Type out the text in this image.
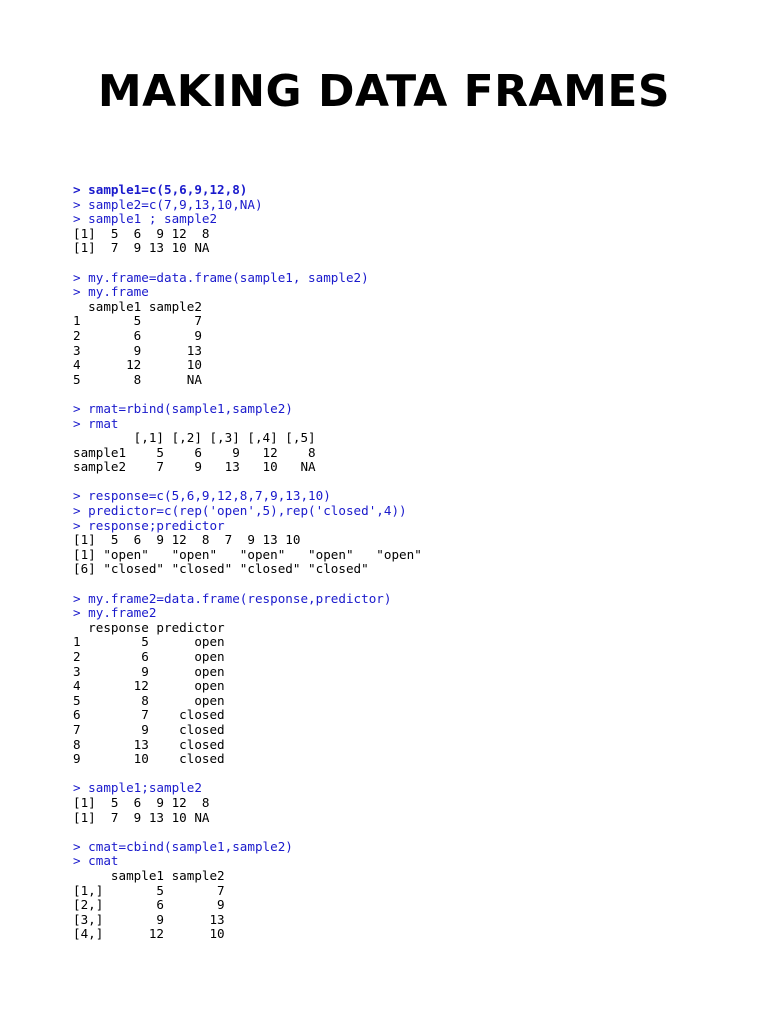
MAKING DATA FRAMES
> sample1=c(5,6,9,12,8)
> sample2=c(7,9,13,10,NA)
> sample1 ; sample2
[1]  5  6  9 12  8
[1]  7  9 13 10 NA
> my.frame=data.frame(sample1, sample2)
> my.frame
sample1 sample2
1       5       7
2       6       9
3       9      13
4      12      10
5       8      NA
> rmat=rbind(sample1,sample2)
> rmat
[,1] [,2] [,3] [,4] [,5]
sample1    5    6    9   12    8
sample2    7    9   13   10   NA
> response=c(5,6,9,12,8,7,9,13,10)
> predictor=c(rep('open',5),rep('closed',4))
> response;predictor
[1]  5  6  9 12  8  7  9 13 10
[1] "open"   "open"   "open"   "open"   "open"
[6] "closed" "closed" "closed" "closed"
> my.frame2=data.frame(response,predictor)
> my.frame2
response predictor
1        5      open
2        6      open
3        9      open
4       12      open
5        8      open
6        7    closed
7        9    closed
8       13    closed
9       10    closed
> sample1;sample2
[1]  5  6  9 12  8
[1]  7  9 13 10 NA
> cmat=cbind(sample1,sample2)
> cmat
sample1 sample2
[1,]       5       7
[2,]       6       9
[3,]       9      13
[4,]      12      10
